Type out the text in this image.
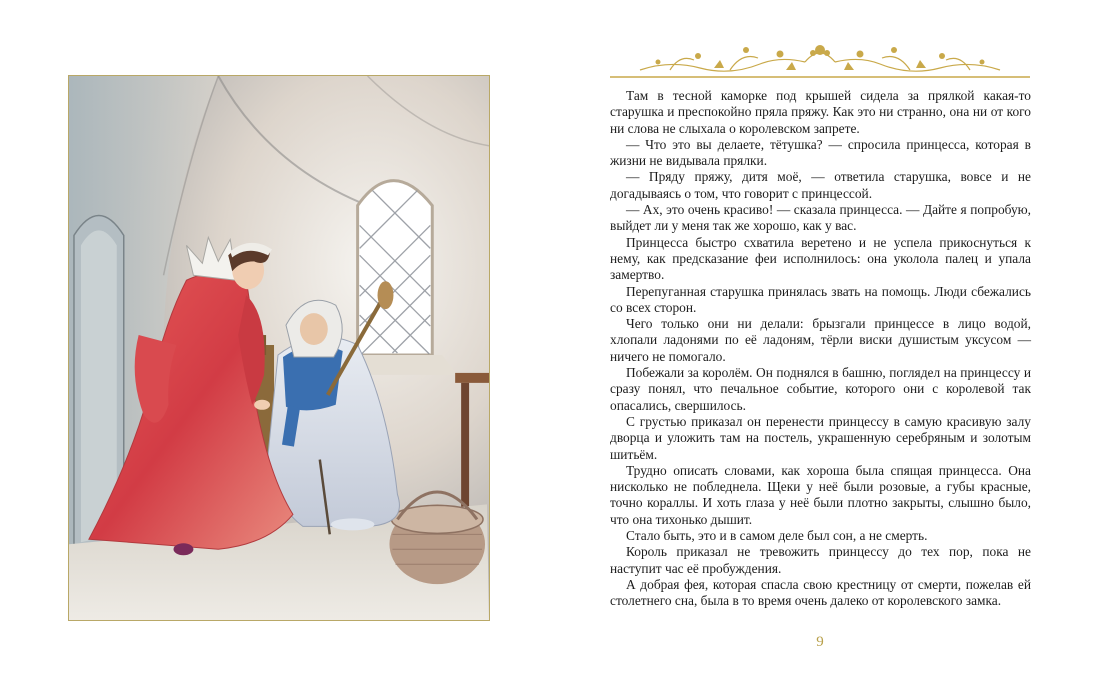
Там в тесной каморке под крышей сидела за прялкой какая-то старушка и преспокойно пряла пряжу. Как это ни странно, она ни от кого ни слова не слыхала о королевском запрете.

— Что это вы делаете, тётушка? — спросила принцесса, которая в жизни не видывала прялки.

— Пряду пряжу, дитя моё, — ответила старушка, вовсе и не догадываясь о том, что говорит с принцессой.

— Ах, это очень красиво! — сказала принцесса. — Дайте я попробую, выйдет ли у меня так же хорошо, как у вас.

Принцесса быстро схватила веретено и не успела прикоснуться к нему, как предсказание феи исполнилось: она уколола палец и упала замертво.

Перепуганная старушка принялась звать на помощь. Люди сбежались со всех сторон.

Чего только они ни делали: брызгали принцессе в лицо водой, хлопали ладонями по её ладоням, тёрли виски душистым уксусом — ничего не помогало.

Побежали за королём. Он поднялся в башню, поглядел на принцессу и сразу понял, что печальное событие, которого они с королевой так опасались, свершилось.

С грустью приказал он перенести принцессу в самую красивую залу дворца и уложить там на постель, украшенную серебряным и золотым шитьём.

Трудно описать словами, как хороша была спящая принцесса. Она нисколько не побледнела. Щеки у неё были розовые, а губы красные, точно кораллы. И хоть глаза у неё были плотно закрыты, слышно было, что она тихонько дышит.

Стало быть, это и в самом деле был сон, а не смерть.

Король приказал не тревожить принцессу до тех пор, пока не наступит час её пробуждения.

А добрая фея, которая спасла свою крестницу от смерти, пожелав ей столетнего сна, была в то время очень далеко от королевского замка.

9
